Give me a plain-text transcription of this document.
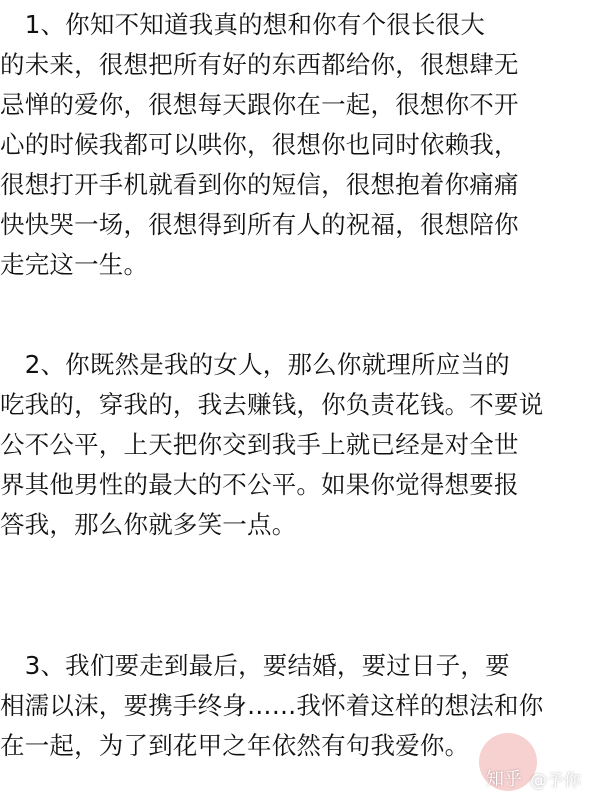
　1、你知不知道我真的想和你有个很长很大
的未来，很想把所有好的东西都给你，很想肆无
忌惮的爱你，很想每天跟你在一起，很想你不开
心的时候我都可以哄你，很想你也同时依赖我，
很想打开手机就看到你的短信，很想抱着你痛痛
快快哭一场，很想得到所有人的祝福，很想陪你
走完这一生。
　2、你既然是我的女人，那么你就理所应当的
吃我的，穿我的，我去赚钱，你负责花钱。不要说
公不公平，上天把你交到我手上就已经是对全世
界其他男性的最大的不公平。如果你觉得想要报
答我，那么你就多笑一点。
　3、我们要走到最后，要结婚，要过日子，要
相濡以沫，要携手终身……我怀着这样的想法和你
在一起，为了到花甲之年依然有句我爱你。
知乎 @予你
